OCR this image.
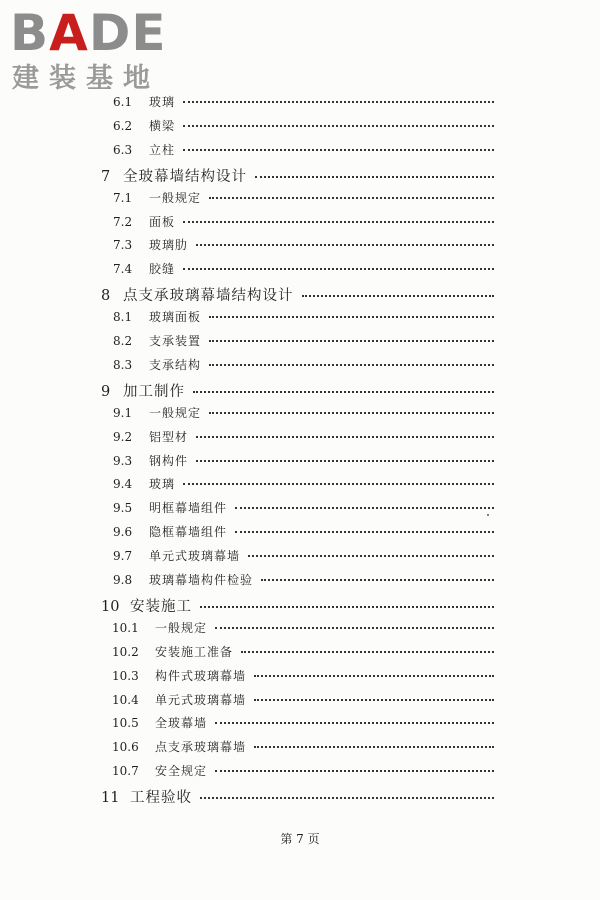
BADE
建装基地
6.1	玻璃
6.2	横梁
6.3	立柱
7 全玻幕墙结构设计
7.1	一般规定
7.2	面板
7.3	玻璃肋
7.4	胶缝
8 点支承玻璃幕墙结构设计
8.1	玻璃面板
8.2	支承装置
8.3	支承结构
9 加工制作
9.1	一般规定
9.2	铝型材
9.3	钢构件
9.4	玻璃
9.5	明框幕墙组件
9.6	隐框幕墙组件
9.7	单元式玻璃幕墙
9.8	玻璃幕墙构件检验
10 安装施工
10.1	一般规定
10.2	安装施工准备
10.3	构件式玻璃幕墙
10.4	单元式玻璃幕墙
10.5	全玻幕墙
10.6	点支承玻璃幕墙
10.7	安全规定
11 工程验收
第 7 页
